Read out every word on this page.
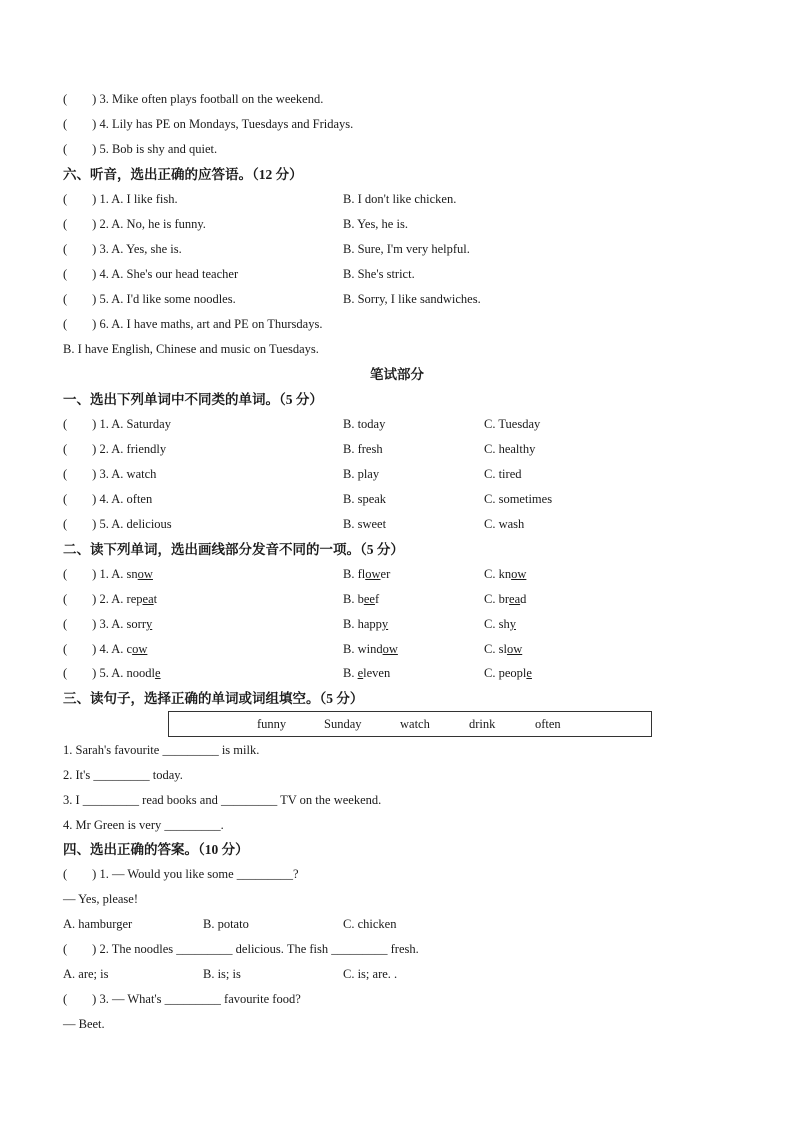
(　　) 3. Mike often plays football on the weekend.
(　　) 4. Lily has PE on Mondays, Tuesdays and Fridays.
(　　) 5. Bob is shy and quiet.
六、听音，选出正确的应答语。（12 分）
(　　) 1. A. I like fish.	B. I don't like chicken.
(　　) 2. A. No, he is funny.	B. Yes, he is.
(　　) 3. A. Yes, she is.	B. Sure, I'm very helpful.
(　　) 4. A. She's our head teacher	B. She's strict.
(　　) 5. A. I'd like some noodles.	B. Sorry, I like sandwiches.
(　　) 6. A. I have maths, art and PE on Thursdays.
B. I have English, Chinese and music on Tuesdays.
笔试部分
一、选出下列单词中不同类的单词。（5 分）
(　　) 1. A. Saturday	B. today	C. Tuesday
(　　) 2. A. friendly	B. fresh	C. healthy
(　　) 3. A. watch	B. play	C. tired
(　　) 4. A. often	B. speak	C. sometimes
(　　) 5. A. delicious	B. sweet	C. wash
二、读下列单词，选出画线部分发音不同的一项。（5 分）
(　　) 1. A. snow	B. flower	C. know
(　　) 2. A. repeat	B. beef	C. bread
(　　) 3. A. sorry	B. happy	C. shy
(　　) 4. A. cow	B. window	C. slow
(　　) 5. A. noodle	B. eleven	C. people
三、读句子，选择正确的单词或词组填空。（5 分）
funny	Sunday	watch	drink	often
1. Sarah's favourite _________ is milk.
2. It's _________ today.
3. I _________ read books and _________ TV on the weekend.
4. Mr Green is very _________.
四、选出正确的答案。（10 分）
(　　) 1. — Would you like some _________?
— Yes, please!
A. hamburger	B. potato	C. chicken
(　　) 2. The noodles _________ delicious. The fish _________ fresh.
A. are; is	B. is; is	C. is; are. .
(　　) 3. — What's _________ favourite food?
— Beet.
